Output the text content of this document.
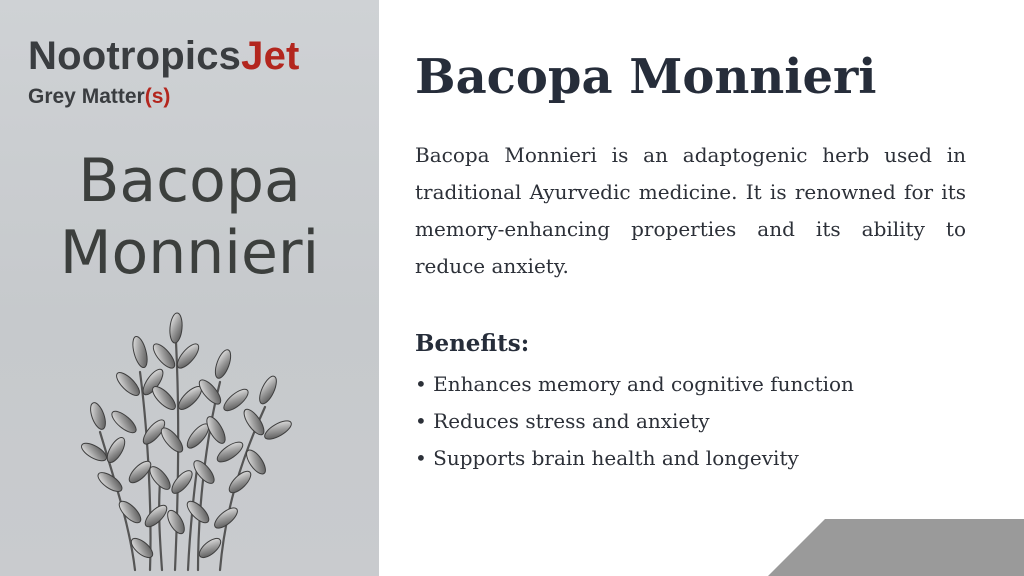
NootropicsJet
Grey Matter(s)
Bacopa
Monnieri
Bacopa Monnieri
Bacopa Monnieri is an adaptogenic herb used in traditional Ayurvedic medicine. It is renowned for its memory-enhancing properties and its ability to reduce anxiety.
Benefits:
• Enhances memory and cognitive function
• Reduces stress and anxiety
• Supports brain health and longevity
